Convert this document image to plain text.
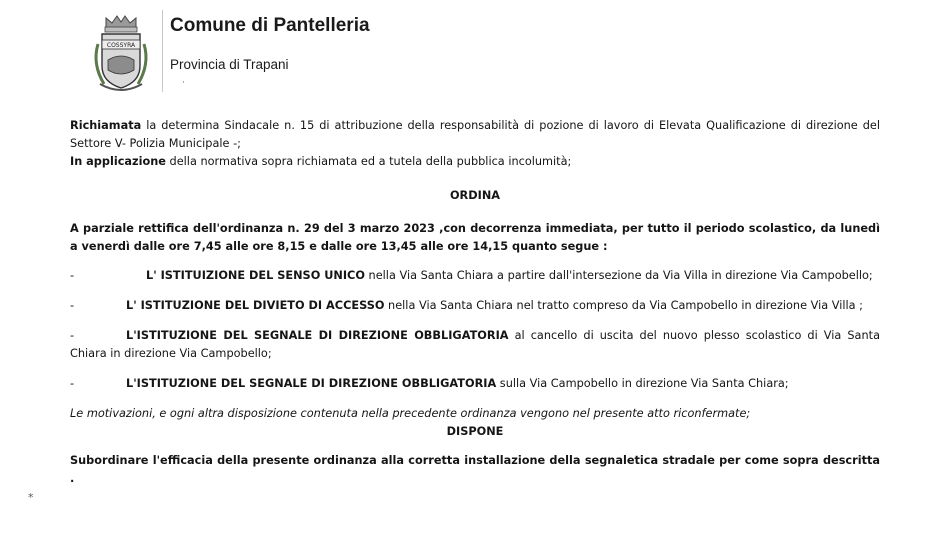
COSSYRA
Comune di Pantelleria
Provincia di Trapani
·
*

Richiamata la determina Sindacale n. 15 di attribuzione della responsabilità di pozione di lavoro di Elevata Qualificazione di direzione del Settore V- Polizia Municipale -;

In applicazione della normativa sopra richiamata ed a tutela della pubblica incolumità;

ORDINA

A parziale rettifica dell'ordinanza n. 29 del 3 marzo 2023 ,con decorrenza immediata, per tutto il periodo scolastico, da lunedì a venerdì dalle ore 7,45 alle ore 8,15 e dalle ore 13,45 alle ore 14,15 quanto segue :

-	L' ISTITUIZIONE DEL SENSO UNICO nella Via Santa Chiara a partire dall'intersezione da Via Villa in direzione Via Campobello;

-	L' ISTITUZIONE DEL DIVIETO DI ACCESSO nella Via Santa Chiara nel tratto compreso da Via Campobello in direzione Via Villa ;

-	L'ISTITUZIONE DEL SEGNALE DI DIREZIONE OBBLIGATORIA al cancello di uscita del nuovo plesso scolastico di Via Santa Chiara in direzione Via Campobello;

-	L'ISTITUZIONE DEL SEGNALE DI DIREZIONE OBBLIGATORIA sulla Via Campobello in direzione Via Santa Chiara;

Le motivazioni, e ogni altra disposizione contenuta nella precedente ordinanza vengono nel presente atto riconfermate;

DISPONE

Subordinare l'efficacia della presente ordinanza alla corretta installazione della segnaletica stradale per come sopra descritta .
